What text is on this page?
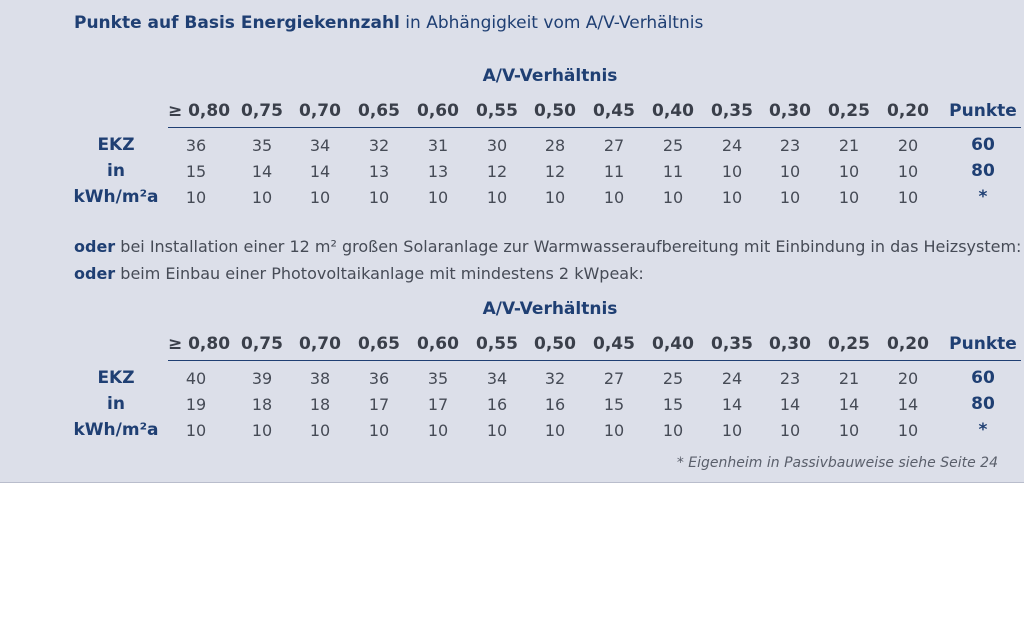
Punkte auf Basis Energiekennzahl in Abhängigkeit vom A/V-Verhältnis
A/V-Verhältnis
≥ 0,80 0,75 0,70 0,65 0,60 0,55 0,50 0,45 0,40 0,35 0,30 0,25 0,20 Punkte
EKZ
in
kWh/m²a
36	35 34 32 31 30 28 27 25 24 23 21 20	60
15	14 14 13 13 12 12 11 11 10 10 10 10	80
10	10 10 10 10 10 10 10 10 10 10 10 10	*
oder bei Installation einer 12 m² großen Solaranlage zur Warmwasseraufbereitung mit Einbindung in das Heizsystem:
oder beim Einbau einer Photovoltaikanlage mit mindestens 2 kWpeak:
A/V-Verhältnis
≥ 0,80 0,75 0,70 0,65 0,60 0,55 0,50 0,45 0,40 0,35 0,30 0,25 0,20 Punkte
EKZ
in
kWh/m²a
40	39 38 36 35 34 32 27 25 24 23 21 20	60
19	18 18 17 17 16 16 15 15 14 14 14 14	80
10	10 10 10 10 10 10 10 10 10 10 10 10	*
* Eigenheim in Passivbauweise siehe Seite 24
